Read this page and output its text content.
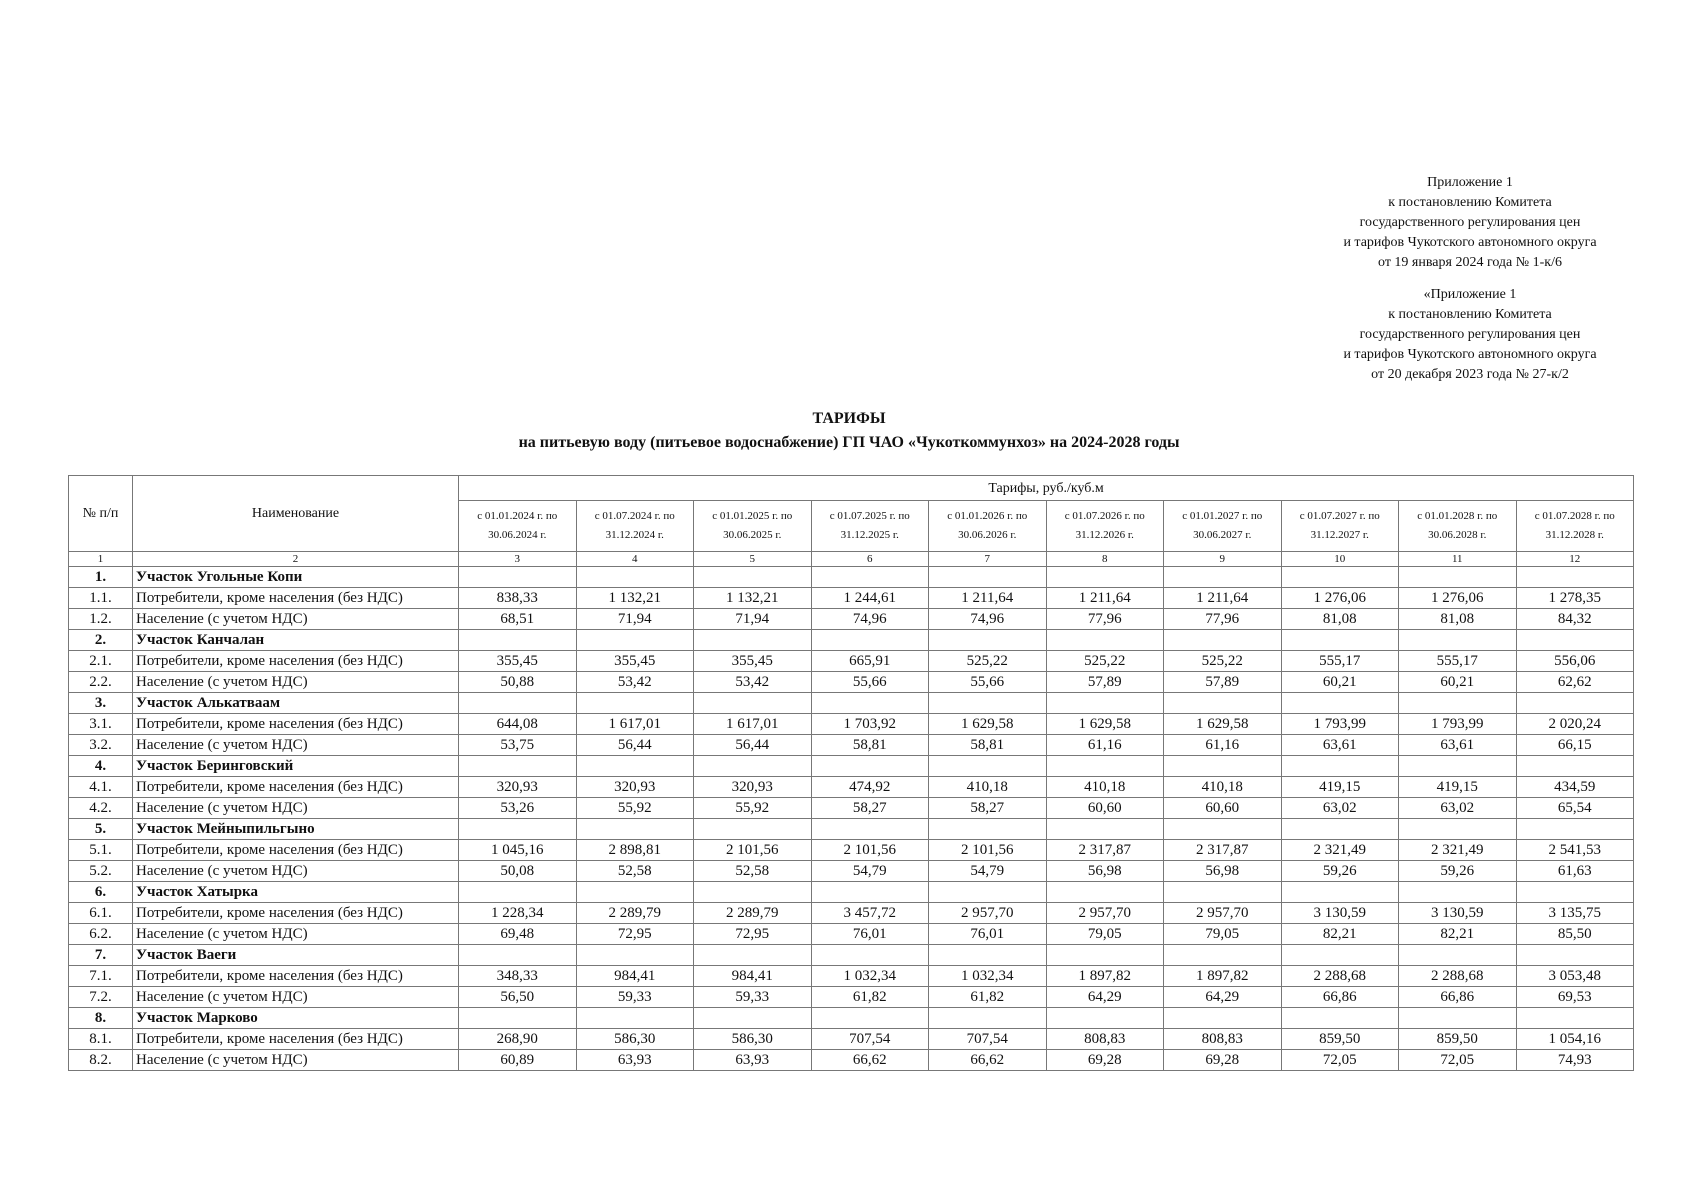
Приложение 1
к постановлению Комитета
государственного регулирования цен
и тарифов Чукотского автономного округа
от 19 января 2024 года № 1-к/6
«Приложение 1
к постановлению Комитета
государственного регулирования цен
и тарифов Чукотского автономного округа
от 20 декабря 2023 года № 27-к/2
ТАРИФЫ
на питьевую воду (питьевое водоснабжение) ГП ЧАО «Чукоткоммунхоз» на 2024-2028 годы
№ п/п	Наименование	Тарифы, руб./куб.м									
		с 01.01.2024 г. по 30.06.2024 г.	с 01.07.2024 г. по 31.12.2024 г.	с 01.01.2025 г. по 30.06.2025 г.	с 01.07.2025 г. по 31.12.2025 г.	с 01.01.2026 г. по 30.06.2026 г.	с 01.07.2026 г. по 31.12.2026 г.	с 01.01.2027 г. по 30.06.2027 г.	с 01.07.2027 г. по 31.12.2027 г.	с 01.01.2028 г. по 30.06.2028 г.	с 01.07.2028 г. по 31.12.2028 г.
1	2	3	4	5	6	7	8	9	10	11	12
1.	Участок Угольные Копи										
1.1.	Потребители, кроме населения (без НДС)	838,33	1 132,21	1 132,21	1 244,61	1 211,64	1 211,64	1 211,64	1 276,06	1 276,06	1 278,35
1.2.	Население (с учетом НДС)	68,51	71,94	71,94	74,96	74,96	77,96	77,96	81,08	81,08	84,32
2.	Участок Канчалан										
2.1.	Потребители, кроме населения (без НДС)	355,45	355,45	355,45	665,91	525,22	525,22	525,22	555,17	555,17	556,06
2.2.	Население (с учетом НДС)	50,88	53,42	53,42	55,66	55,66	57,89	57,89	60,21	60,21	62,62
3.	Участок Алькатваам										
3.1.	Потребители, кроме населения (без НДС)	644,08	1 617,01	1 617,01	1 703,92	1 629,58	1 629,58	1 629,58	1 793,99	1 793,99	2 020,24
3.2.	Население (с учетом НДС)	53,75	56,44	56,44	58,81	58,81	61,16	61,16	63,61	63,61	66,15
4.	Участок Беринговский										
4.1.	Потребители, кроме населения (без НДС)	320,93	320,93	320,93	474,92	410,18	410,18	410,18	419,15	419,15	434,59
4.2.	Население (с учетом НДС)	53,26	55,92	55,92	58,27	58,27	60,60	60,60	63,02	63,02	65,54
5.	Участок Мейныпильгыно										
5.1.	Потребители, кроме населения (без НДС)	1 045,16	2 898,81	2 101,56	2 101,56	2 101,56	2 317,87	2 317,87	2 321,49	2 321,49	2 541,53
5.2.	Население (с учетом НДС)	50,08	52,58	52,58	54,79	54,79	56,98	56,98	59,26	59,26	61,63
6.	Участок Хатырка										
6.1.	Потребители, кроме населения (без НДС)	1 228,34	2 289,79	2 289,79	3 457,72	2 957,70	2 957,70	2 957,70	3 130,59	3 130,59	3 135,75
6.2.	Население (с учетом НДС)	69,48	72,95	72,95	76,01	76,01	79,05	79,05	82,21	82,21	85,50
7.	Участок Ваеги										
7.1.	Потребители, кроме населения (без НДС)	348,33	984,41	984,41	1 032,34	1 032,34	1 897,82	1 897,82	2 288,68	2 288,68	3 053,48
7.2.	Население (с учетом НДС)	56,50	59,33	59,33	61,82	61,82	64,29	64,29	66,86	66,86	69,53
8.	Участок Марково										
8.1.	Потребители, кроме населения (без НДС)	268,90	586,30	586,30	707,54	707,54	808,83	808,83	859,50	859,50	1 054,16
8.2.	Население (с учетом НДС)	60,89	63,93	63,93	66,62	66,62	69,28	69,28	72,05	72,05	74,93
